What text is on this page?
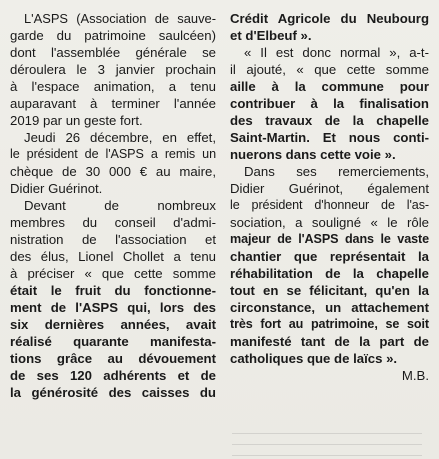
L'ASPS (Association de sauve-
garde du patrimoine saulcéen)
dont l'assemblée générale se
déroulera le 3 janvier prochain
à l'espace animation, a tenu
auparavant à terminer l'année
2019 par un geste fort.
Jeudi 26 décembre, en effet,
le président de l'ASPS a remis un
chèque de 30 000 € au maire,
Didier Guérinot.
Devant de nombreux
membres du conseil d'admi-
nistration de l'association et
des élus, Lionel Chollet a tenu
à préciser « que cette somme
était le fruit du fonctionne-
ment de l'ASPS qui, lors des
six dernières années, avait
réalisé quarante manifesta-
tions grâce au dévouement
de ses 120 adhérents et de
la générosité des caisses du
Crédit Agricole du Neubourg
et d'Elbeuf ».
« Il est donc normal », a-t-
il ajouté, « que cette somme
aille à la commune pour
contribuer à la finalisation
des travaux de la chapelle
Saint-Martin. Et nous conti-
nuerons dans cette voie ».
Dans ses remerciements,
Didier Guérinot, également
le président d'honneur de l'as-
sociation, a souligné « le rôle
majeur de l'ASPS dans le vaste
chantier que représentait la
réhabilitation de la chapelle
tout en se félicitant, qu'en la
circonstance, un attachement
très fort au patrimoine, se soit
manifesté tant de la part de
catholiques que de laïcs ».
M.B.
